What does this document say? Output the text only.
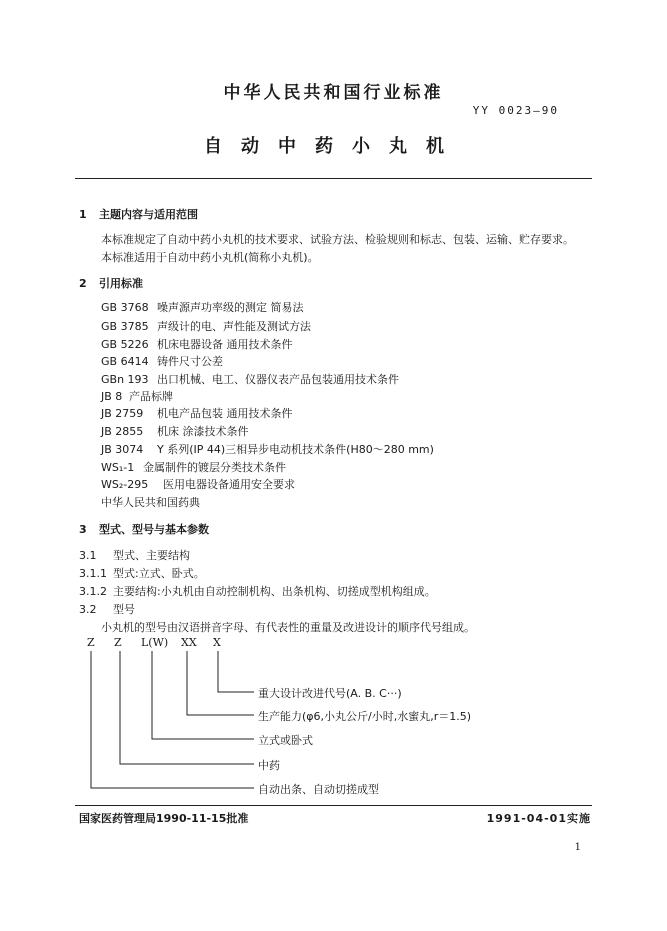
中华人民共和国行业标准
YY 0023—90
自动中药小丸机
1 主题内容与适用范围
本标准规定了自动中药小丸机的技术要求、试验方法、检验规则和标志、包装、运输、贮存要求。
本标准适用于自动中药小丸机(简称小丸机)。
2 引用标准
GB 3768 噪声源声功率级的测定 简易法
GB 3785 声级计的电、声性能及测试方法
GB 5226 机床电器设备 通用技术条件
GB 6414 铸件尺寸公差
GBn 193 出口机械、电工、仪器仪表产品包装通用技术条件
JB 8 产品标牌
JB 2759 机电产品包装 通用技术条件
JB 2855 机床 涂漆技术条件
JB 3074 Y 系列(IP 44)三相异步电动机技术条件(H80～280 mm)
WS₁-1 金属制件的镀层分类技术条件
WS₂-295 医用电器设备通用安全要求
中华人民共和国药典
3 型式、型号与基本参数
3.1 型式、主要结构
3.1.1 型式:立式、卧式。
3.1.2 主要结构:小丸机由自动控制机构、出条机构、切搓成型机构组成。
3.2 型号
小丸机的型号由汉语拼音字母、有代表性的重量及改进设计的顺序代号组成。
Z Z L(W) XX X
重大设计改进代号(A. B. C···)
生产能力(φ6,小丸公斤/小时,水蜜丸,r＝1.5)
立式或卧式
中药
自动出条、自动切搓成型
国家医药管理局1990-11-15批准	1991-04-01实施
1
